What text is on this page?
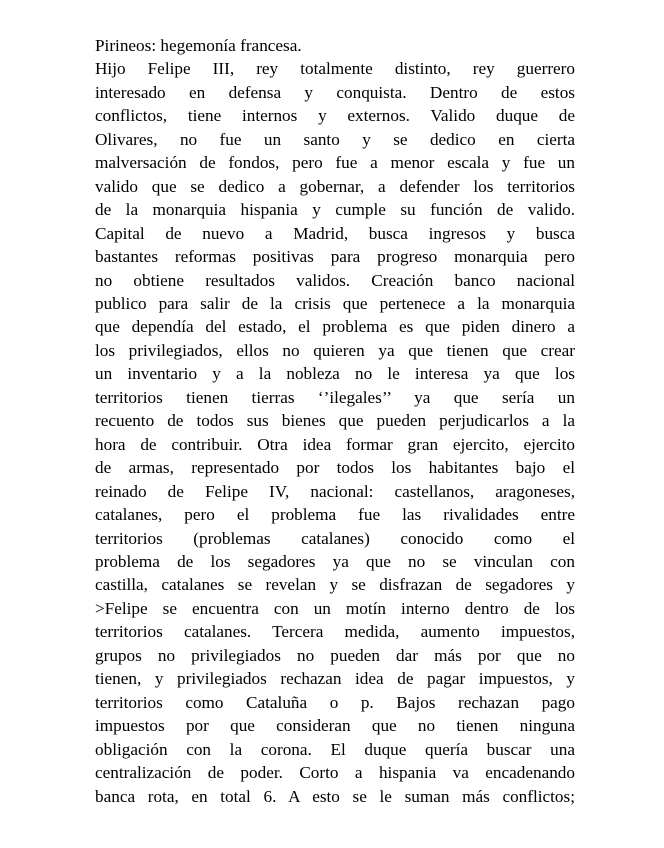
Pirineos: hegemonía francesa.
Hijo Felipe III, rey totalmente distinto, rey guerrero
interesado en defensa y conquista. Dentro de estos
conflictos, tiene internos y externos. Valido duque de
Olivares, no fue un santo y se dedico en cierta
malversación de fondos, pero fue a menor escala y fue un
valido que se dedico a gobernar, a defender los territorios
de la monarquia hispania y cumple su función de valido.
Capital de nuevo a Madrid, busca ingresos y busca
bastantes reformas positivas para progreso monarquia pero
no obtiene resultados validos. Creación banco nacional
publico para salir de la crisis que pertenece a la monarquia
que dependía del estado, el problema es que piden dinero a
los privilegiados, ellos no quieren ya que tienen que crear
un inventario y a la nobleza no le interesa ya que los
territorios tienen tierras ‘’ilegales’’ ya que sería un
recuento de todos sus bienes que pueden perjudicarlos a la
hora de contribuir. Otra idea formar gran ejercito, ejercito
de armas, representado por todos los habitantes bajo el
reinado de Felipe IV, nacional: castellanos, aragoneses,
catalanes, pero el problema fue las rivalidades entre
territorios (problemas catalanes) conocido como el
problema de los segadores ya que no se vinculan con
castilla, catalanes se revelan y se disfrazan de segadores y
>Felipe se encuentra con un motín interno dentro de los
territorios catalanes. Tercera medida, aumento impuestos,
grupos no privilegiados no pueden dar más por que no
tienen, y privilegiados rechazan idea de pagar impuestos, y
territorios como Cataluña o p. Bajos rechazan pago
impuestos por que consideran que no tienen ninguna
obligación con la corona. El duque quería buscar una
centralización de poder. Corto a hispania va encadenando
banca rota, en total 6. A esto se le suman más conflictos;
